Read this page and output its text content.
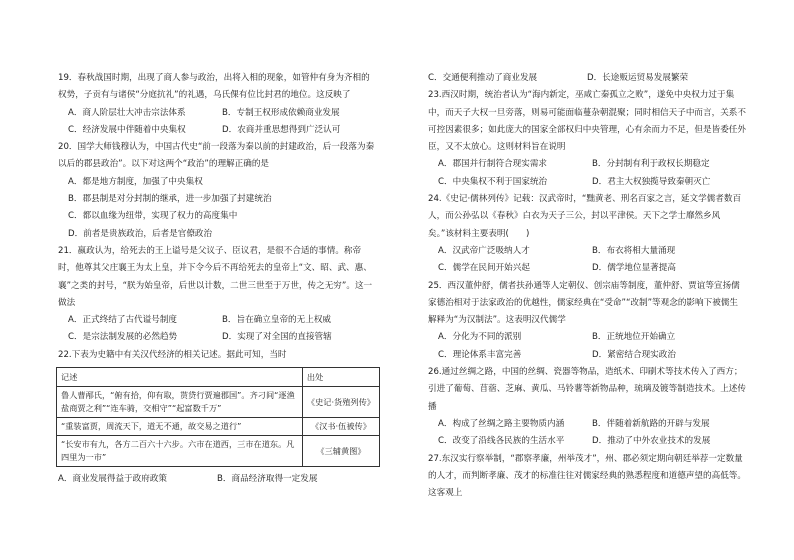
19．春秋战国时期，出现了商人参与政治，出将入相的现象，如管仲有身为齐相的权势，子贡有与诸侯“分庭抗礼”的礼遇，乌氏倮有位比封君的地位。这反映了

A．商人阶层壮大冲击宗法体系	B．专制王权形成依赖商业发展
C．经济发展中伴随着中央集权	D．农商并重思想得到广泛认可

20．国学大师钱穆认为，中国古代史“前一段落为秦以前的封建政治，后一段落为秦以后的郡县政治”。以下对这两个“政治”的理解正确的是

A．都是地方制度，加强了中央集权

B．郡县制是对分封制的继承，进一步加强了封建统治

C．都以血缘为纽带，实现了权力的高度集中

D．前者是贵族政治，后者是官僚政治

21．嬴政认为，给死去的王上谥号是父议子、臣议君，是很不合适的事情。称帝时，他尊其父庄襄王为太上皇，并下令今后不再给死去的皇帝上“文、昭、武、惠、襄”之类的封号，“朕为始皇帝，后世以计数，二世三世至于万世，传之无穷”。这一做法

A．正式终结了古代谥号制度	B．旨在确立皇帝的无上权威
C．是宗法制发展的必然趋势	D．实现了对全国的直接管辖

22.下表为史籍中有关汉代经济的相关记述。据此可知，当时

记述	出处

鲁人曹邴氏，“俯有拾，仰有取，贳贷行贾遍郡国”。齐刁间“逐渔
盐商贾之利”“连车骑，交相守”“起富数千万”	《史记·货殖列传》
“重装富贾，周流天下，道无不通，故交易之道行”	《汉书·伍被传》

“长安市有九，各方二百六十六步。六市在道西，三市在道东。凡
四里为一市”	《三辅黄图》
A．商业发展得益于政府政策	B．商品经济取得一定发展
C．交通便利推动了商业发展	D．长途贩运贸易发展繁荣

23.西汉时期，统治者认为“海内新定，巫咸亡秦孤立之败”，遂免中央权力过于集中，而天子大权一旦旁落，则易可能面临蔓杂朝混聚；同时相信天子中而言，关系不可控因素很多；如此庞大的国家全部权归中央管理，心有余而力不足，但是皆委任外臣，又不太放心。这则材料旨在说明

A．郡国并行制符合现实需求	B．分封制有利于政权长期稳定
C．中央集权不利于国家统治	D．君主大权独揽导致秦朝灭亡

24.《史记·儒林列传》记载：汉武帝时，“黜黄老、刑名百家之言，延文学儒者数百人，而公孙弘以《春秋》白衣为天子三公，封以平津侯。天下之学士靡然乡风矣。”该材料主要表明(　　)

A．汉武帝广泛吸纳人才	B．布衣将相大量涌现
C．儒学在民间开始兴起	D．儒学地位显著提高

25．西汉董仲舒，儒者扶孙通等人定朝仪、创宗庙等制度，董仲舒、贾谊等宣扬儒家德治相对于法家政治的优越性，儒家经典在“受命”“改制”等观念的影响下被儒生解释为“为汉制法”。这表明汉代儒学

A．分化为不同的派别	B．正统地位开始确立
C．理论体系丰富完善	D．紧密结合现实政治

26.通过丝绸之路，中国的丝绸、瓷器等物品，造纸术、印刷术等技术传入了西方；引进了葡萄、苜蓿、芝麻、黄瓜、马铃薯等新物品种，琉璃及镀等制造技术。上述传播

A．构成了丝绸之路主要物质内涵	B．伴随着新航路的开辟与发展
C．改变了沿线各民族的生活水平	D．推动了中外农业技术的发展

27.东汉实行察举制，“郡察孝廉，州举茂才”，州、郡必须定期向朝廷举荐一定数量的人才，而判断孝廉、茂才的标准往往对儒家经典的熟悉程度和道德声望的高低等。这客观上
